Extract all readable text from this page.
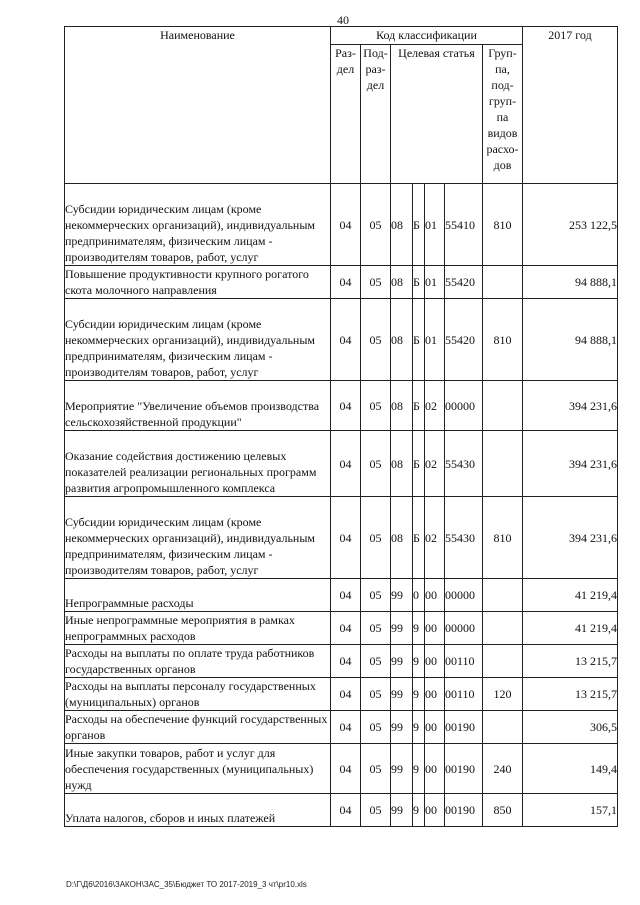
40
Наименование	Код классификации							2017 год
	Раз- дел	Под- раз- дел	Целевая статья				Груп- па, под- груп- па видов расхо- дов	
Субсидии юридическим лицам (кроме некоммерческих организаций), индивидуальным предпринимателям, физическим лицам - производителям товаров, работ, услуг	04	05	08	Б	01	55410	810	253 122,5
Повышение продуктивности крупного рогатого скота молочного направления	04	05	08	Б	01	55420		94 888,1
Субсидии юридическим лицам (кроме некоммерческих организаций), индивидуальным предпринимателям, физическим лицам - производителям товаров, работ, услуг	04	05	08	Б	01	55420	810	94 888,1
Мероприятие "Увеличение объемов производства сельскохозяйственной продукции"	04	05	08	Б	02	00000		394 231,6
Оказание содействия достижению целевых показателей реализации региональных программ развития агропромышленного комплекса	04	05	08	Б	02	55430		394 231,6
Субсидии юридическим лицам (кроме некоммерческих организаций), индивидуальным предпринимателям, физическим лицам - производителям товаров, работ, услуг	04	05	08	Б	02	55430	810	394 231,6
Непрограммные расходы	04	05	99	0	00	00000		41 219,4
Иные непрограммные мероприятия в рамках непрограммных расходов	04	05	99	9	00	00000		41 219,4
Расходы на выплаты по оплате труда работников государственных органов	04	05	99	9	00	00110		13 215,7
Расходы на выплаты персоналу государственных (муниципальных) органов	04	05	99	9	00	00110	120	13 215,7
Расходы на обеспечение функций государственных органов	04	05	99	9	00	00190		306,5
Иные закупки товаров, работ и услуг для обеспечения государственных (муниципальных) нужд	04	05	99	9	00	00190	240	149,4
Уплата налогов, сборов и иных платежей	04	05	99	9	00	00190	850	157,1
D:\Г\Д6\2016\ЗАКОН\ЗАС_35\Бюджет ТО 2017-2019_3 чт\pr10.xls
